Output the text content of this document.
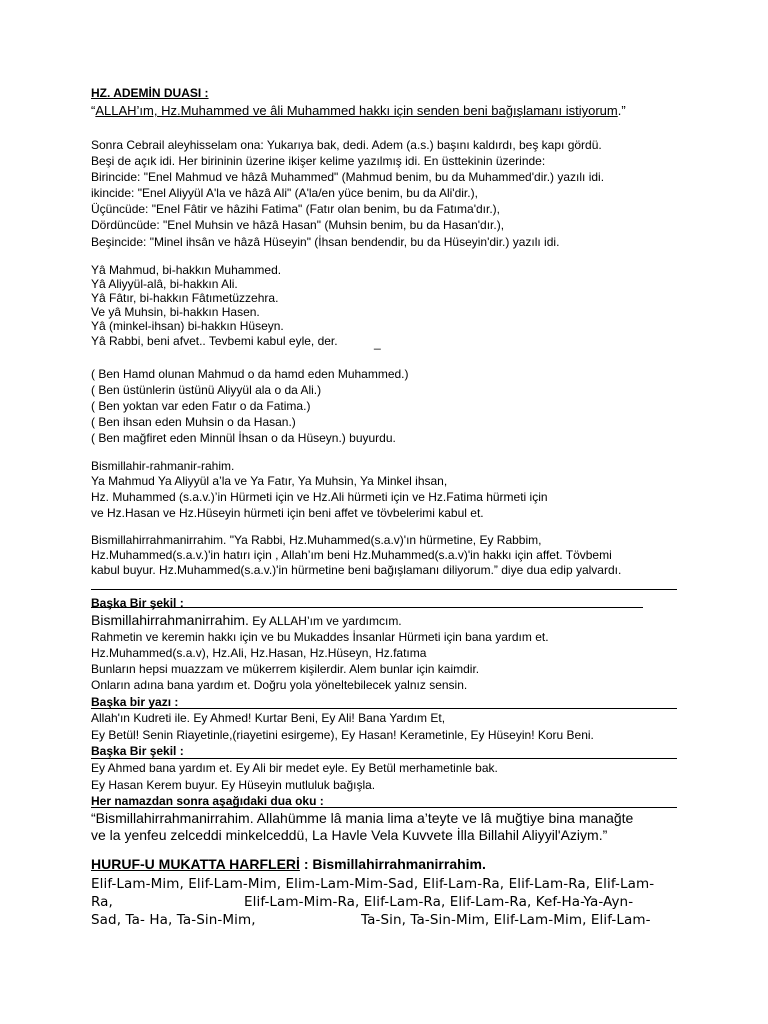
HZ. ADEMİN DUASI :
“ALLAH’ım, Hz.Muhammed ve âli Muhammed hakkı için senden beni bağışlamanı istiyorum.”
Sonra Cebrail aleyhisselam ona: Yukarıya bak, dedi. Adem (a.s.) başını kaldırdı, beş kapı gördü.
Beşi de açık idi. Her birininin üzerine ikişer kelime yazılmış idi. En üsttekinin üzerinde:
Birincide: "Enel Mahmud ve hâzâ Muhammed" (Mahmud benim, bu da Muhammed'dir.) yazılı idi.
ikincide: "Enel Aliyyül A'la ve hâzâ Ali" (A'la/en yüce benim, bu da Ali'dir.),
Üçüncüde: "Enel Fâtir ve hâzihi Fatima" (Fatır olan benim, bu da Fatıma'dır.),
Dördüncüde: "Enel Muhsin ve hâzâ Hasan" (Muhsin benim, bu da Hasan'dır.),
Beşincide: "Minel ihsân ve hâzâ Hüseyin" (İhsan bendendir, bu da Hüseyin'dir.) yazılı idi.
Yâ Mahmud, bi-hakkın Muhammed.
Yâ Aliyyül-alâ, bi-hakkın Ali.
Yâ Fâtır, bi-hakkın Fâtımetüzzehra.
Ve yâ Muhsin, bi-hakkın Hasen.
Yâ (minkel-ihsan) bi-hakkın Hüseyn.
Yâ Rabbi, beni afvet.. Tevbemi kabul eyle, der.	_
( Ben Hamd olunan Mahmud o da hamd eden Muhammed.)
( Ben üstünlerin üstünü Aliyyül ala o da Ali.)
( Ben yoktan var eden Fatır o da Fatima.)
( Ben ihsan eden Muhsin o da Hasan.)
( Ben mağfiret eden Minnül İhsan o da Hüseyn.) buyurdu.
Bismillahir-rahmanir-rahim.
Ya Mahmud Ya Aliyyül a’la ve Ya Fatır, Ya Muhsin, Ya Minkel ihsan,
Hz. Muhammed (s.a.v.)’in Hürmeti için ve Hz.Ali hürmeti için ve Hz.Fatima hürmeti için
ve Hz.Hasan ve Hz.Hüseyin hürmeti için beni affet ve tövbelerimi kabul et.
Bismillahirrahmanirrahim. "Ya Rabbi, Hz.Muhammed(s.a.v)'ın hürmetine, Ey Rabbim,
Hz.Muhammed(s.a.v.)'in hatırı için , Allah’ım beni Hz.Muhammed(s.a.v)'in hakkı için affet. Tövbemi
kabul buyur. Hz.Muhammed(s.a.v.)'in hürmetine beni bağışlamanı diliyorum.” diye dua edip yalvardı.
Başka Bir şekil :
Bismillahirrahmanirrahim. Ey ALLAH’ım ve yardımcım.
Rahmetin ve keremin hakkı için ve bu Mukaddes İnsanlar Hürmeti için bana yardım et.
Hz.Muhammed(s.a.v), Hz.Ali, Hz.Hasan, Hz.Hüseyn, Hz.fatıma
Bunların hepsi muazzam ve mükerrem kişilerdir. Alem bunlar için kaimdir.
Onların adına bana yardım et. Doğru yola yöneltebilecek yalnız sensin.
Başka bir yazı :
Allah'ın Kudreti ile. Ey Ahmed! Kurtar Beni, Ey Ali! Bana Yardım Et,
Ey Betül! Senin Riayetinle,(riayetini esirgeme), Ey Hasan! Kerametinle, Ey Hüseyin! Koru Beni.
Başka Bir şekil :
Ey Ahmed bana yardım et. Ey Ali bir medet eyle. Ey Betül merhametinle bak.
Ey Hasan Kerem buyur. Ey Hüseyin mutluluk bağışla.
Her namazdan sonra aşağıdaki dua oku :
“Bismillahirrahmanirrahim. Allahümme lâ mania lima a’teyte ve lâ muğtiye bina manağte
ve la yenfeu zelceddi minkelceddü, La Havle Vela Kuvvete İlla Billahil Aliyyil'Aziym.”
HURUF-U MUKATTA HARFLERİ : Bismillahirrahmanirrahim.
Elif-Lam-Mim, Elif-Lam-Mim, Elim-Lam-Mim-Sad, Elif-Lam-Ra, Elif-Lam-Ra, Elif-Lam-
Ra,	Elif-Lam-Mim-Ra, Elif-Lam-Ra, Elif-Lam-Ra, Kef-Ha-Ya-Ayn-
Sad, Ta- Ha, Ta-Sin-Mim,	Ta-Sin, Ta-Sin-Mim, Elif-Lam-Mim, Elif-Lam-
